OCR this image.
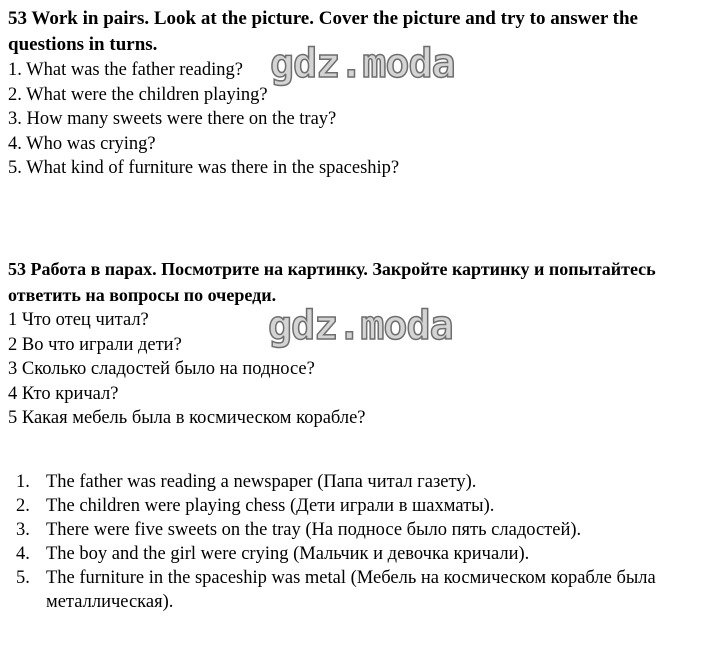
53 Work in pairs. Look at the picture. Cover the picture and try to answer the questions in turns.

1. What was the father reading?
2. What were the children playing?
3. How many sweets were there on the tray?
4. Who was crying?
5. What kind of furniture was there in the spaceship?
gdz.moda

53 Работа в парах. Посмотрите на картинку. Закройте картинку и попытайтесь ответить на вопросы по очереди.

1 Что отец читал?
2 Во что играли дети?
3 Сколько сладостей было на подносе?
4 Кто кричал?
5 Какая мебель была в космическом корабле?
gdz.moda
1. The father was reading a newspaper (Папа читал газету).
2. The children were playing chess (Дети играли в шахматы).
3. There were five sweets on the tray (На подносе было пять сладостей).
4. The boy and the girl were crying (Мальчик и девочка кричали).
5. The furniture in the spaceship was metal (Мебель на космическом корабле была металлическая).
